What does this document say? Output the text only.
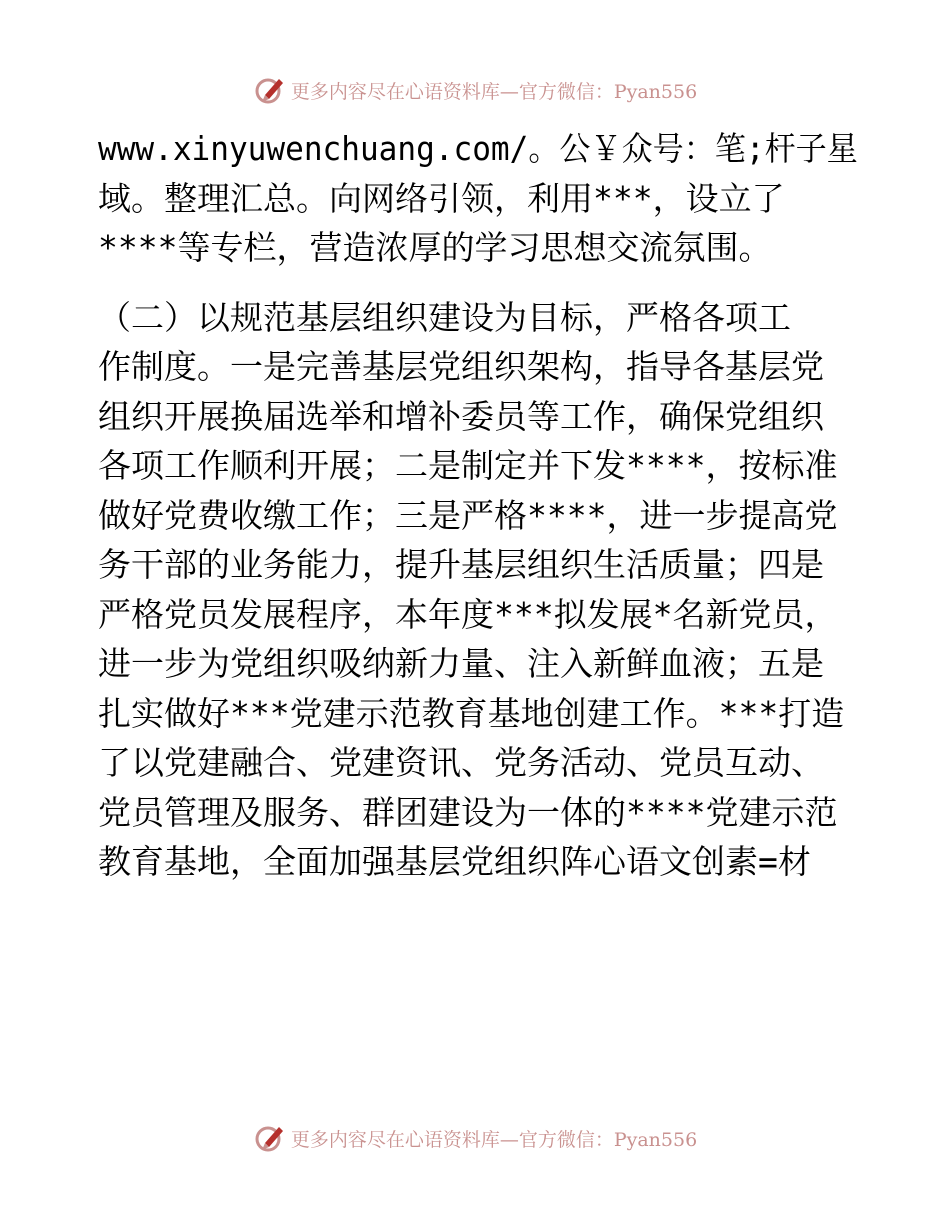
更多内容尽在心语资料库—官方微信：Pyan556
www.xinyuwenchuang.com/。公￥众号：笔;杆子星
域。整理汇总。向网络引领，利用***，设立了
****等专栏，营造浓厚的学习思想交流氛围。
（二）以规范基层组织建设为目标，严格各项工
作制度。一是完善基层党组织架构，指导各基层党
组织开展换届选举和增补委员等工作，确保党组织
各项工作顺利开展；二是制定并下发****，按标准
做好党费收缴工作；三是严格****，进一步提高党
务干部的业务能力，提升基层组织生活质量；四是
严格党员发展程序，本年度***拟发展*名新党员，
进一步为党组织吸纳新力量、注入新鲜血液；五是
扎实做好***党建示范教育基地创建工作。***打造
了以党建融合、党建资讯、党务活动、党员互动、
党员管理及服务、群团建设为一体的****党建示范
教育基地，全面加强基层党组织阵心语文创素=材
更多内容尽在心语资料库—官方微信：Pyan556
